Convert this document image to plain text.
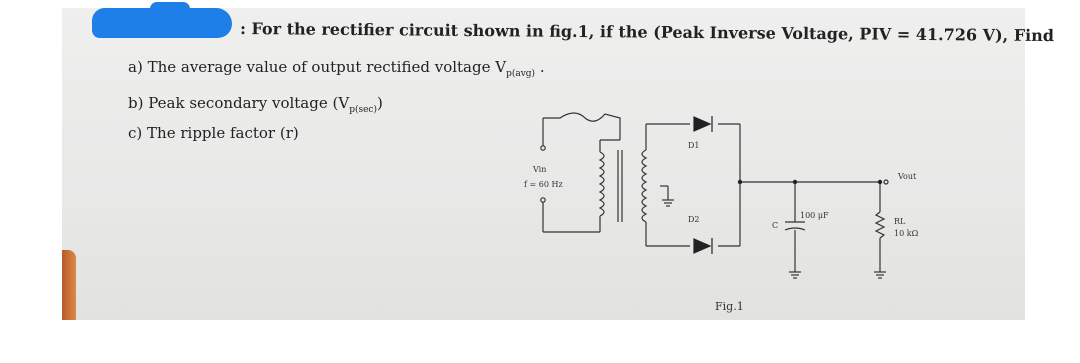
: For the rectifier circuit shown in fig.1, if the (Peak Inverse Voltage, PIV = 41.726 V), Find
a) The average value of output rectified voltage $V_{p(avg)}$ .
b) Peak secondary voltage $(V_{p(sec)})$
c) The ripple factor (r)
Vin
f = 60 Hz
D1
D2	100 μF
C	RL
10 kΩ
Vout
Fig.1
